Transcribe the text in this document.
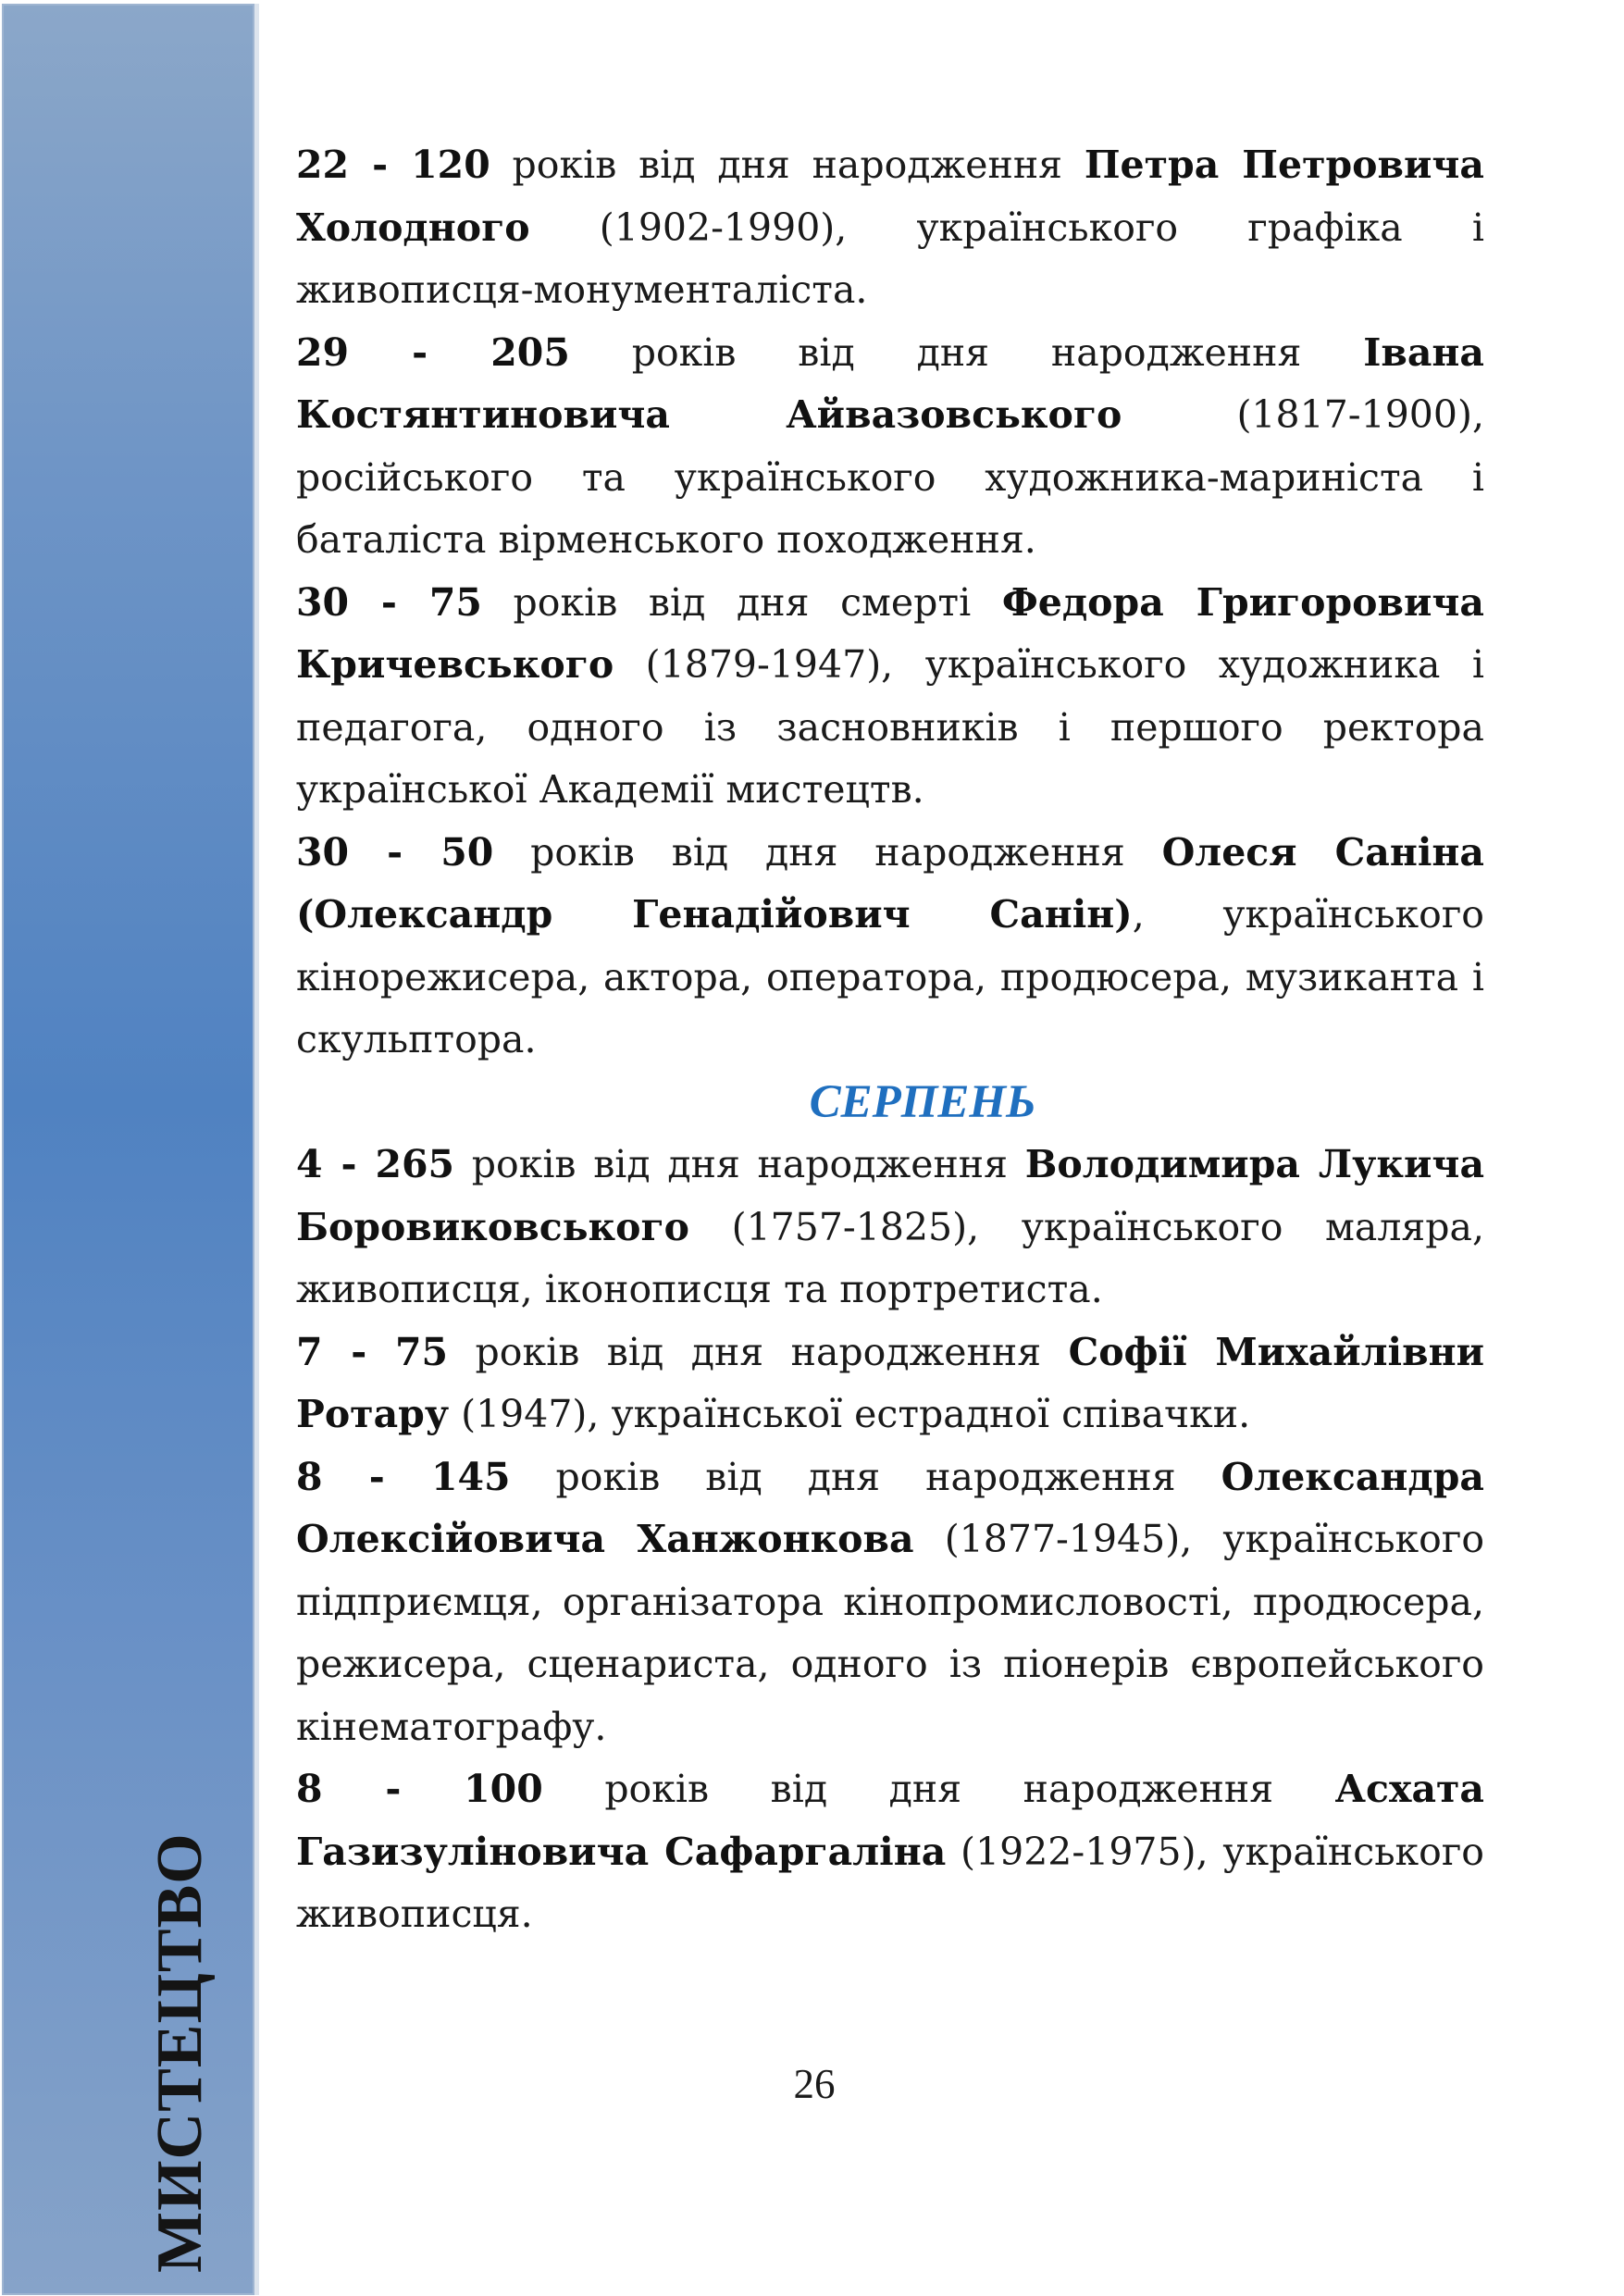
МИСТЕЦТВО

22 - 120 років від дня народження Петра Петровича Холодного (1902-1990), українського графіка і живописця-монументаліста.

29 - 205 років від дня народження Івана Костянтиновича Айвазовського (1817-1900), російського та українського художника-мариніста і баталіста вірменського походження.

30 - 75 років від дня смерті Федора Григоровича Кричевського (1879-1947), українського художника і педагога, одного із засновників і першого ректора української Академії мистецтв.

30 - 50 років від дня народження Олеся Саніна (Олександр Генадійович Санін), українського кінорежисера, актора, оператора, продюсера, музиканта і скульптора.

СЕРПЕНЬ

4 - 265 років від дня народження Володимира Лукича Боровиковського (1757-1825), українського маляра, живописця, іконописця та портретиста.

7 - 75 років від дня народження Софії Михайлівни Ротару (1947), української естрадної співачки.

8 - 145 років від дня народження Олександра Олексійовича Ханжонкова (1877-1945), українського підприємця, організатора кінопромисловості, продюсера, режисера, сценариста, одного із піонерів європейського кінематографу.

8 - 100 років від дня народження Асхата Газизуліновича Сафаргаліна (1922-1975), українського живописця.

26
